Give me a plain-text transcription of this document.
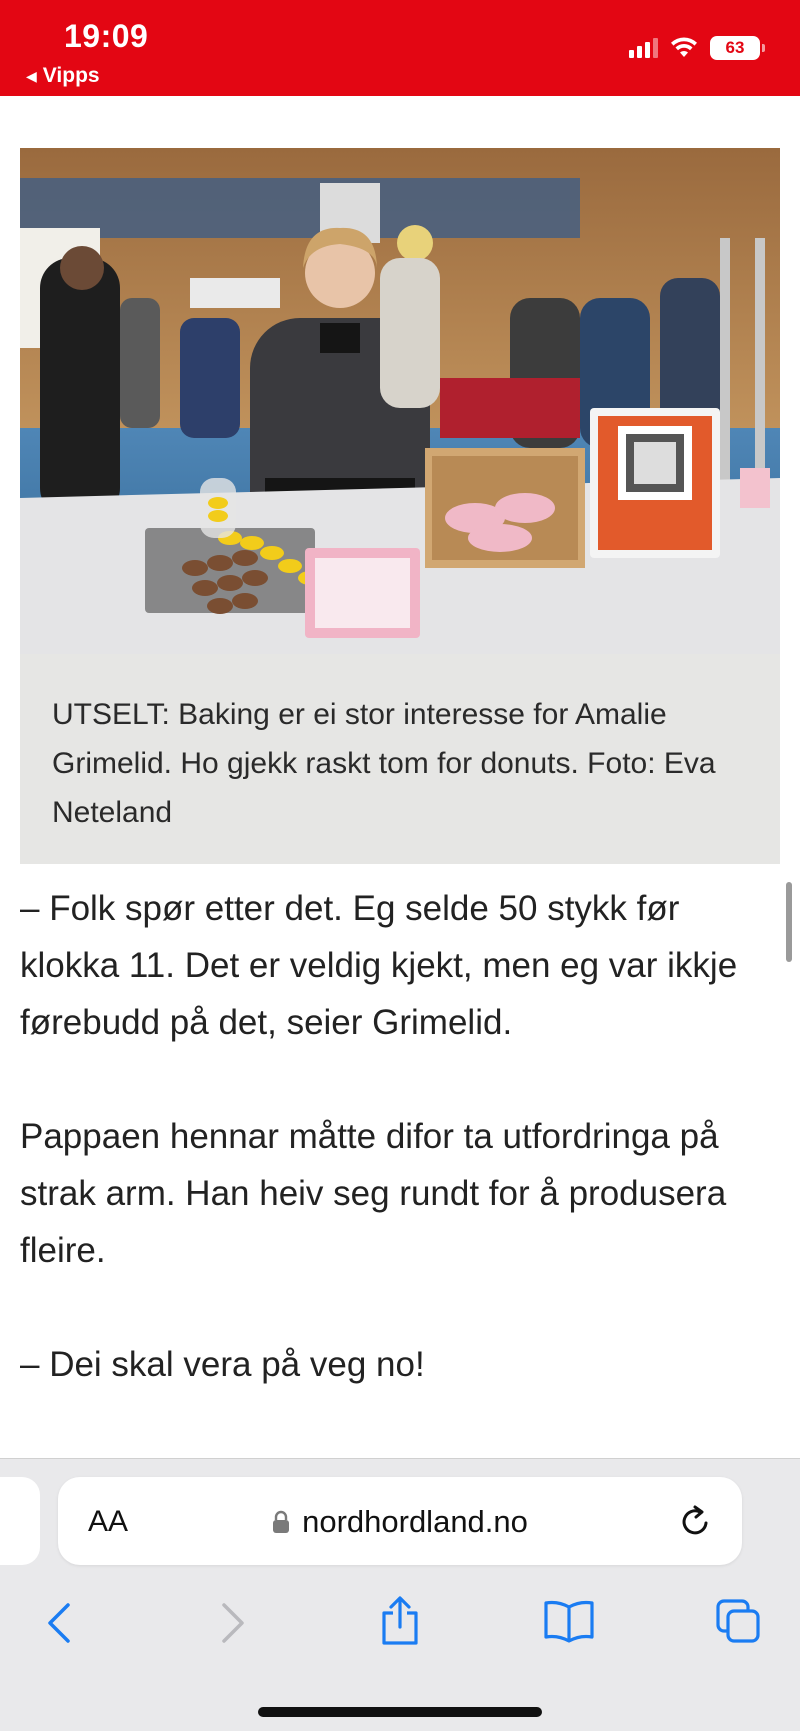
19:09
◀ Vipps
63
UTSELT: Baking er ei stor interesse for Amalie Grimelid. Ho gjekk raskt tom for donuts. Foto: Eva Neteland

– Folk spør etter det. Eg selde 50 stykk før klokka 11. Det er veldig kjekt, men eg var ikkje førebudd på det, seier Grimelid.

Pappaen hennar måtte difor ta utfordringa på strak arm. Han heiv seg rundt for å produsera fleire.

– Dei skal vera på veg no!

AA	nordhordland.no
